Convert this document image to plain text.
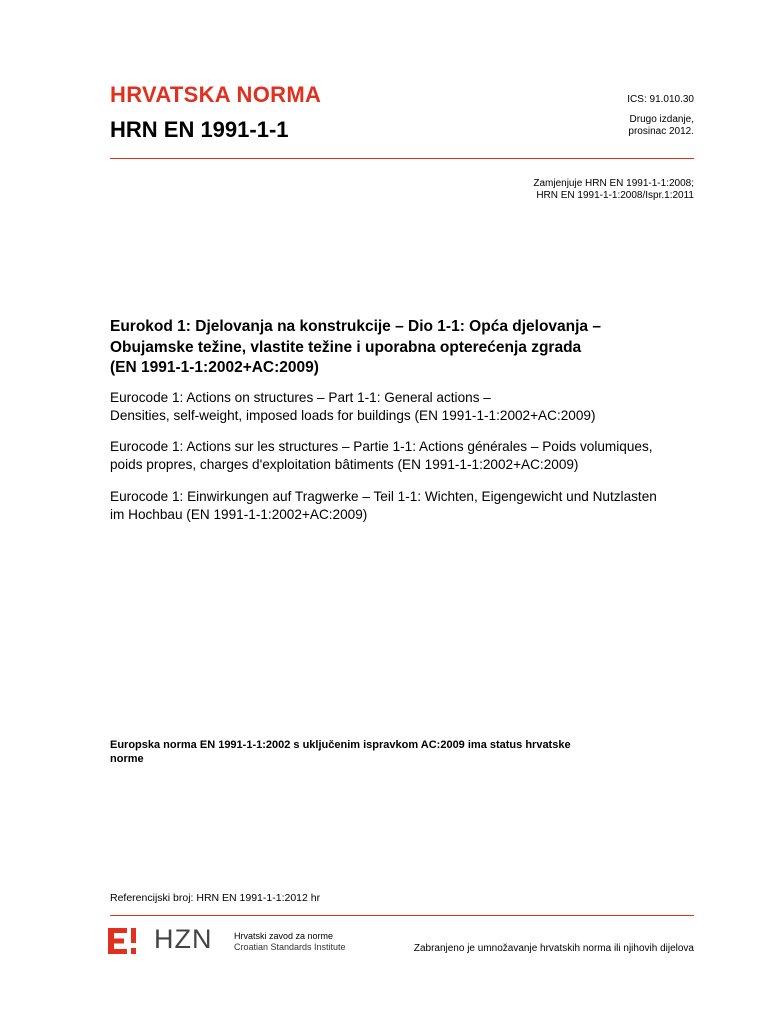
HRVATSKA NORMA
HRN EN 1991-1-1
ICS: 91.010.30
Drugo izdanje,
prosinac 2012.
Zamjenjuje HRN EN 1991-1-1:2008;
HRN EN 1991-1-1:2008/Ispr.1:2011
Eurokod 1: Djelovanja na konstrukcije – Dio 1-1: Opća djelovanja –
Obujamske težine, vlastite težine i uporabna opterećenja zgrada
(EN 1991-1-1:2002+AC:2009)
Eurocode 1: Actions on structures – Part 1-1: General actions –
Densities, self-weight, imposed loads for buildings (EN 1991-1-1:2002+AC:2009)
Eurocode 1: Actions sur les structures – Partie 1-1: Actions générales – Poids volumiques,
poids propres, charges d'exploitation bâtiments (EN 1991-1-1:2002+AC:2009)
Eurocode 1: Einwirkungen auf Tragwerke – Teil 1-1: Wichten, Eigengewicht und Nutzlasten
im Hochbau (EN 1991-1-1:2002+AC:2009)
Europska norma EN 1991-1-1:2002 s uključenim ispravkom AC:2009 ima status hrvatske
norme
Referencijski broj: HRN EN 1991-1-1:2012 hr
HZN Hrvatski zavod za norme
Croatian Standards Institute	Zabranjeno je umnožavanje hrvatskih norma ili njihovih dijelova
